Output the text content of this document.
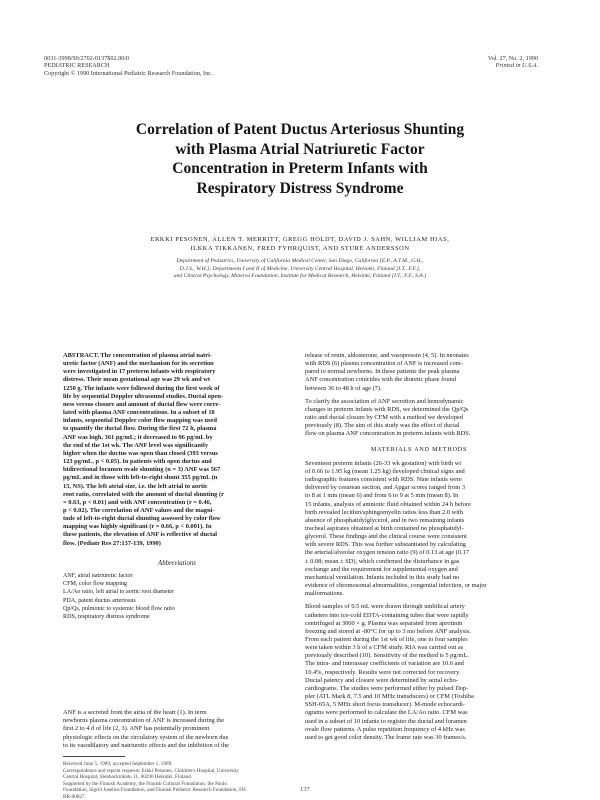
0031-3998/90/2702-0137$02.00/0
PEDIATRIC RESEARCH
Copyright © 1990 International Pediatric Research Foundation, Inc.
Vol. 27, No. 2, 1990
Printed in U.S.A.
Correlation of Patent Ductus Arteriosus Shunting
with Plasma Atrial Natriuretic Factor
Concentration in Preterm Infants with
Respiratory Distress Syndrome
ERKKI PESONEN, ALLEN T. MERRITT, GREGG HOLDT, DAVID J. SAHN, WILLIAM HIAS,
ILKKA TIKKANEN, FRED FYHRQUIST, AND STURE ANDERSSON
Department of Pediatrics, University of California Medical Center, San Diego, California [E.P., A.T.M., G.H.,
D.J.S., W.H.]; Departments I and II of Medicine, University Central Hospital, Helsinki, Finland [I.T., F.F.],
and Clinical Psychology, Minerva Foundation, Institute for Medical Research, Helsinki, Finland [I.T., F.F., S.A.]
ABSTRACT. The concentration of plasma atrial natri-
uretic factor (ANF) and the mechanism for its secretion
were investigated in 17 preterm infants with respiratory
distress. Their mean gestational age was 29 wk and wt
1250 g. The infants were followed during the first week of
life by sequential Doppler ultrasound studies. Ductal open-
ness versus closure and amount of ductal flow were corre-
lated with plasma ANF concentrations. In a subset of 10
infants, sequential Doppler color flow mapping was used
to quantify the ductal flow. During the first 72 h, plasma
ANF was high, 361 pg/mL; it decreased to 96 pg/mL by
the end of the 1st wk. The ANF level was significantly
higher when the ductus was open than closed (393 versus
123 pg/mL, p < 0.05). In patients with open ductus and
bidirectional foramen ovale shunting (n = 3) ANF was 567
pg/mL and in those with left-to-right shunt 355 pg/mL (n
15, NS). The left atrial size, i.e. the left atrial to aortic
root ratio, correlated with the amount of ductal shunting (r
= 0.63, p < 0.01) and with ANF concentration (r = 0.46,
p < 0.02). The correlation of ANF values and the magni-
tude of left-to-right ductal shunting assessed by color flow
mapping was highly significant (r = 0.66, p < 0.001). In
these patients, the elevation of ANF is reflective of ductal
flow. (Pediatr Res 27:137-139, 1990)
Abbreviations
ANF, atrial natriuretic factor
CFM, color flow mapping
LA/Ao ratio, left atrial to aortic root diameter
PDA, patent ductus arteriosus
Qp/Qs, pulmonic to systemic blood flow ratio
RDS, respiratory distress syndrome
ANF is a secreted from the atria of the heart (1). In term
newborns plasma concentration of ANF is increased during the
first 2 to 4 d of life (2, 3). ANF has potentially prominent
physiologic effects on the circulatory system of the newborn due
to its vasodilatory and natriuretic effects and the inhibition of the
Received June 5, 1989; accepted September 1, 1989.
Correspondence and reprint requests: Erkki Pesonen, Children's Hospital, University
Central Hospital, Stenbackinkatu 11, 00290 Helsinki, Finland.
Supported by the Finnish Academy, the Finnish Cultural Foundation, the Paulo
Foundation, Sigrid Juselius Foundation, and Finnish Pediatric Research Foundation, FH
RR-00827.
release of renin, aldosterone, and vasopressin (4, 5). In neonates
with RDS (6) plasma concentration of ANF is increased com-
pared to normal newborns. In these patients the peak plasma
ANF concentration coincides with the diuretic phase found
between 36 to 48 h of age (7).
To clarify the association of ANF secretion and hemodynamic
changes in preterm infants with RDS, we determined the Qp/Qs
ratio and ductal closure by CFM with a method we developed
previously (8). The aim of this study was the effect of ductal
flow on plasma ANF concentration in preterm infants with RDS.
MATERIALS AND METHODS
Seventeen preterm infants (26-33 wk gestation) with birth wt
of 0.66 to 1.95 kg (mean 1.25 kg) developed clinical signs and
radiographic features consistent with RDS. Nine infants were
delivered by cesarean section, and Apgar scores ranged from 3
to 8 at 1 min (mean 6) and from 6 to 9 at 5 min (mean 8). In
15 infants, analysis of amniotic fluid obtained within 24 h before
birth revealed lecithin/sphingomyelin ratios less than 2.0 with
absence of phosphatidylglycerol, and in two remaining infants
tracheal aspirates obtained at birth contained no phosphatidyl-
glycerol. These findings and the clinical course were consistent
with severe RDS. This was further substantiated by calculating
the arterial/alveolar oxygen tension ratio (9) of 0.13 at age (0.17
± 0.08; mean ± SD), which confirmed the disturbance in gas
exchange and the requirement for supplemental oxygen and
mechanical ventilation. Infants included in this study had no
evidence of chromosomal abnormalities, congenital infection, or major
malformations.
Blood samples of 0.5 mL were drawn through umbilical artery
catheters into ice-cold EDTA-containing tubes that were rapidly
centrifuged at 3000 × g. Plasma was separated from aprotinin
freezing and stored at -80°C for up to 3 mo before ANF analysis.
From each patient during the 1st wk of life, one to four samples
were taken within 3 h of a CFM study. RIA was carried out as
previously described (10). Sensitivity of the method is 5 pg/mL.
The intra- and interassay coefficients of variation are 10.6 and
10.4%, respectively. Results were not corrected for recovery.
Ductal patency and closure were determined by serial echo-
cardiograms. The studies were performed either by pulsed Dop-
pler (ATL Mark 8, 7.5 and 10 MHz transducers) or CFM (Toshiba
SSH-65A, 5 MHz short focus transducer). M-mode echocardi-
ograms were performed to calculate the LA/Ao ratio. CFM was
used in a subset of 10 infants to register the ductal and foramen
ovale flow patterns. A pulse repetition frequency of 4 kHz was
used to get good color density. The frame rate was 30 frames/s.
137
